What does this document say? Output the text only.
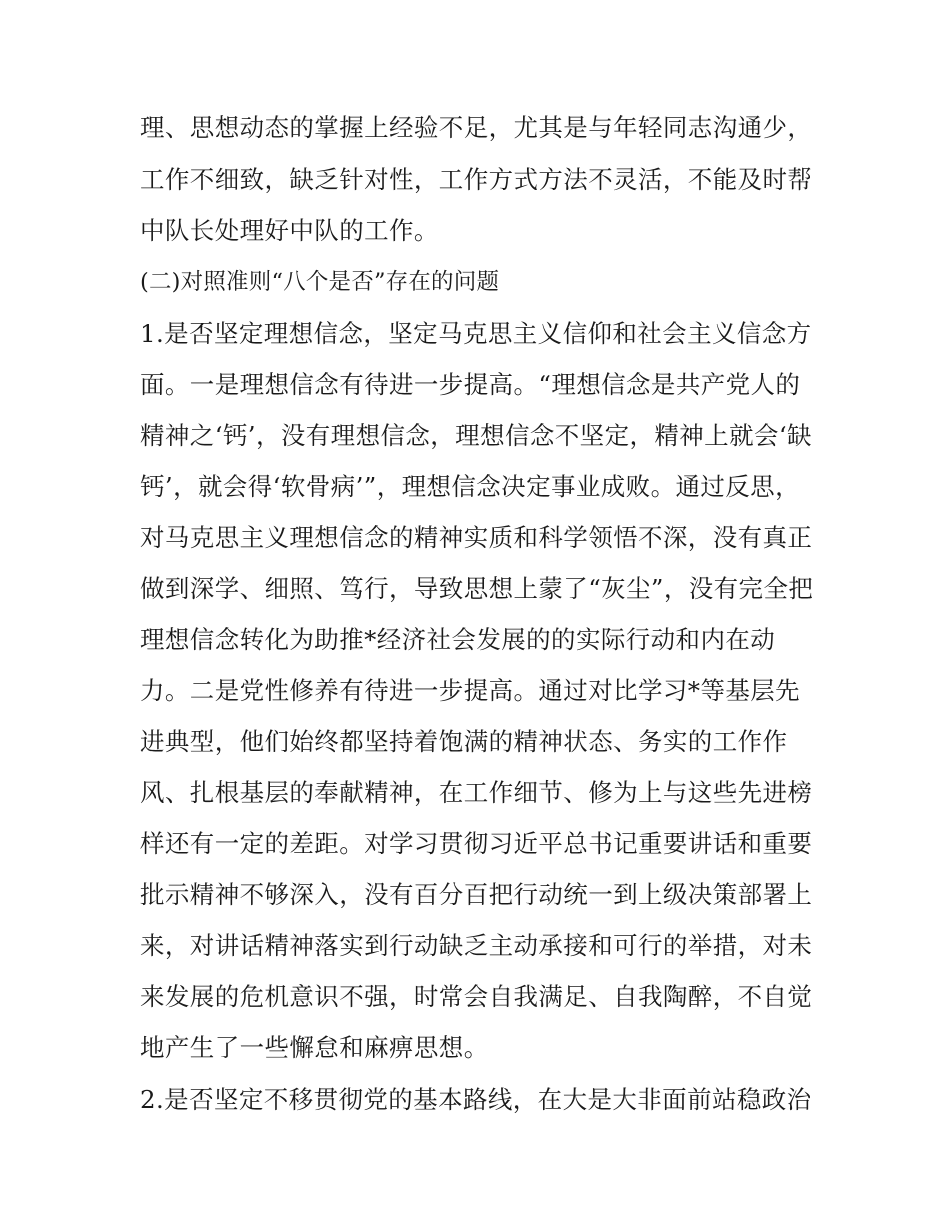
理、思想动态的掌握上经验不足，尤其是与年轻同志沟通少，
工作不细致，缺乏针对性，工作方式方法不灵活，不能及时帮
中队长处理好中队的工作。
(二)对照准则“八个是否”存在的问题
1.是否坚定理想信念，坚定马克思主义信仰和社会主义信念方
面。一是理想信念有待进一步提高。“理想信念是共产党人的
精神之‘钙’，没有理想信念，理想信念不坚定，精神上就会‘缺
钙’，就会得‘软骨病’”，理想信念决定事业成败。通过反思，
对马克思主义理想信念的精神实质和科学领悟不深，没有真正
做到深学、细照、笃行，导致思想上蒙了“灰尘”，没有完全把
理想信念转化为助推*经济社会发展的的实际行动和内在动
力。二是党性修养有待进一步提高。通过对比学习*等基层先
进典型，他们始终都坚持着饱满的精神状态、务实的工作作
风、扎根基层的奉献精神，在工作细节、修为上与这些先进榜
样还有一定的差距。对学习贯彻习近平总书记重要讲话和重要
批示精神不够深入，没有百分百把行动统一到上级决策部署上
来，对讲话精神落实到行动缺乏主动承接和可行的举措，对未
来发展的危机意识不强，时常会自我满足、自我陶醉，不自觉
地产生了一些懈怠和麻痹思想。
2.是否坚定不移贯彻党的基本路线，在大是大非面前站稳政治
